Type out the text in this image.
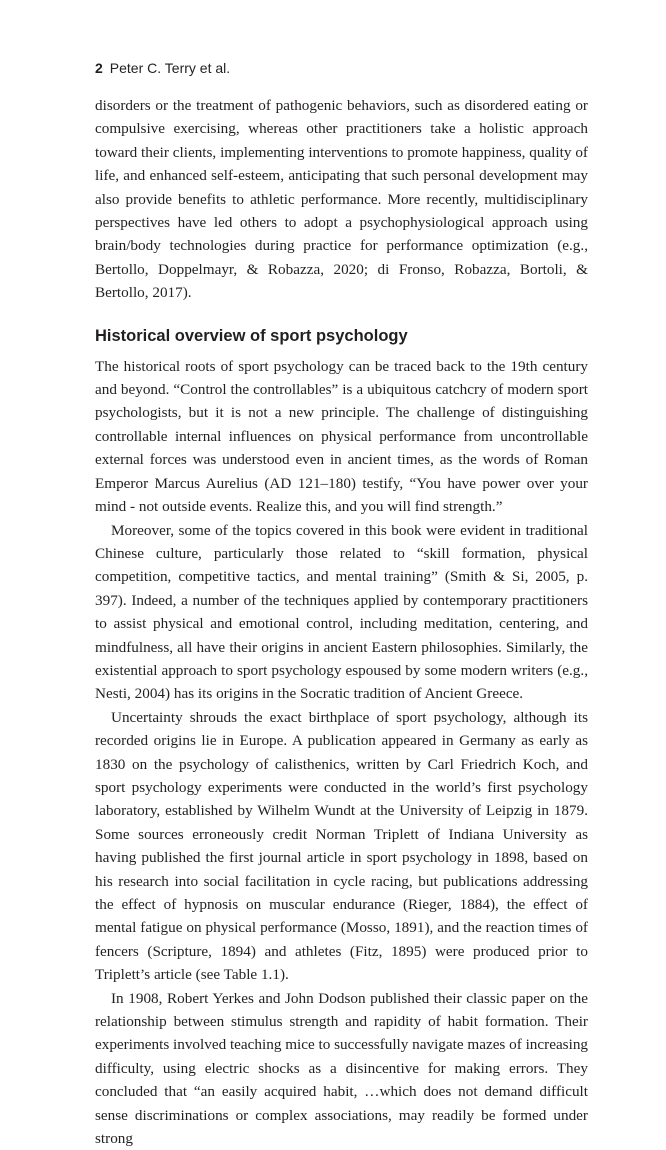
2 Peter C. Terry et al.

disorders or the treatment of pathogenic behaviors, such as disordered eating or compulsive exercising, whereas other practitioners take a holistic approach toward their clients, implementing interventions to promote happiness, quality of life, and enhanced self-esteem, anticipating that such personal development may also provide benefits to athletic performance. More recently, multidisciplinary perspectives have led others to adopt a psychophysiological approach using brain/body technologies during practice for performance optimization (e.g., Bertollo, Doppelmayr, & Robazza, 2020; di Fronso, Robazza, Bortoli, & Bertollo, 2017).

Historical overview of sport psychology

The historical roots of sport psychology can be traced back to the 19th century and beyond. “Control the controllables” is a ubiquitous catchcry of modern sport psychologists, but it is not a new principle. The challenge of distinguishing controllable internal influences on physical performance from uncontrollable external forces was understood even in ancient times, as the words of Roman Emperor Marcus Aurelius (AD 121–180) testify, “You have power over your mind - not outside events. Realize this, and you will find strength.”

Moreover, some of the topics covered in this book were evident in traditional Chinese culture, particularly those related to “skill formation, physical competition, competitive tactics, and mental training” (Smith & Si, 2005, p. 397). Indeed, a number of the techniques applied by contemporary practitioners to assist physical and emotional control, including meditation, centering, and mindfulness, all have their origins in ancient Eastern philosophies. Similarly, the existential approach to sport psychology espoused by some modern writers (e.g., Nesti, 2004) has its origins in the Socratic tradition of Ancient Greece.

Uncertainty shrouds the exact birthplace of sport psychology, although its recorded origins lie in Europe. A publication appeared in Germany as early as 1830 on the psychology of calisthenics, written by Carl Friedrich Koch, and sport psychology experiments were conducted in the world’s first psychology laboratory, established by Wilhelm Wundt at the University of Leipzig in 1879. Some sources erroneously credit Norman Triplett of Indiana University as having published the first journal article in sport psychology in 1898, based on his research into social facilitation in cycle racing, but publications addressing the effect of hypnosis on muscular endurance (Rieger, 1884), the effect of mental fatigue on physical performance (Mosso, 1891), and the reaction times of fencers (Scripture, 1894) and athletes (Fitz, 1895) were produced prior to Triplett’s article (see Table 1.1).

In 1908, Robert Yerkes and John Dodson published their classic paper on the relationship between stimulus strength and rapidity of habit formation. Their experiments involved teaching mice to successfully navigate mazes of increasing difficulty, using electric shocks as a disincentive for making errors. They concluded that “an easily acquired habit, …which does not demand difficult sense discriminations or complex associations, may readily be formed under strong
